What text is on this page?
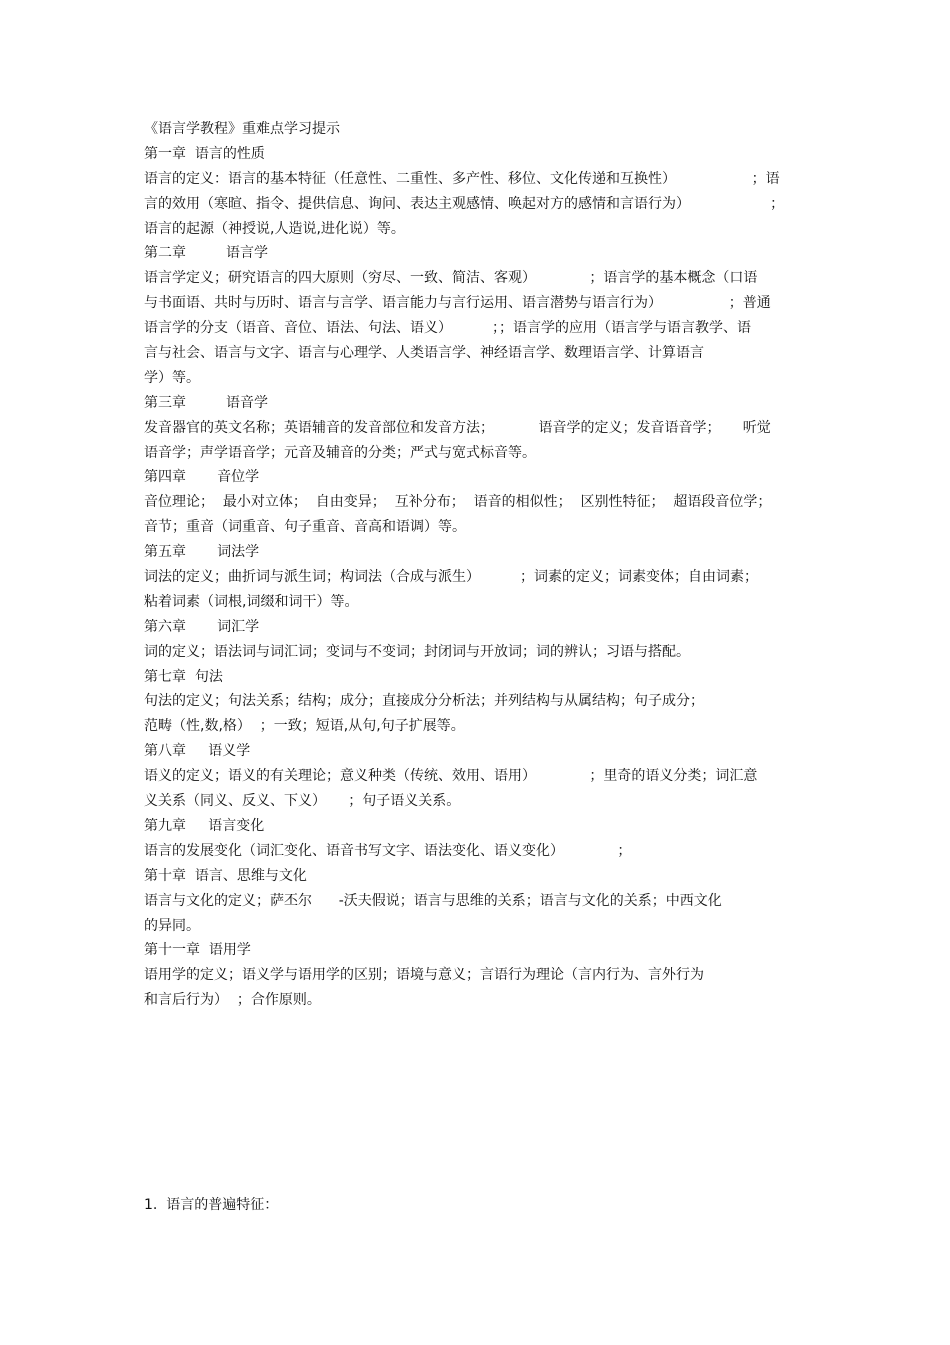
《语言学教程》重难点学习提示
第一章  语言的性质
语言的定义：语言的基本特征（任意性、二重性、多产性、移位、文化传递和互换性）                 ；语
言的效用（寒暄、指令、提供信息、询问、表达主观感情、唤起对方的感情和言语行为）                  ；
语言的起源（神授说,人造说,进化说）等。
第二章         语言学
语言学定义；研究语言的四大原则（穷尽、一致、简洁、客观）            ；语言学的基本概念（口语
与书面语、共时与历时、语言与言学、语言能力与言行运用、语言潜势与语言行为）               ；普通
语言学的分支（语音、音位、语法、句法、语义）         ；；语言学的应用（语言学与语言教学、语
言与社会、语言与文字、语言与心理学、人类语言学、神经语言学、数理语言学、计算语言
学）等。
第三章         语音学
发音器官的英文名称；英语辅音的发音部位和发音方法；          语音学的定义；发音语音学；     听觉
语音学；声学语音学；元音及辅音的分类；严式与宽式标音等。
第四章       音位学
音位理论；  最小对立体；  自由变异；  互补分布；  语音的相似性；  区别性特征；  超语段音位学；
音节；重音（词重音、句子重音、音高和语调）等。
第五章       词法学
词法的定义；曲折词与派生词；构词法（合成与派生）         ；词素的定义；词素变体；自由词素；
粘着词素（词根,词缀和词干）等。
第六章       词汇学
词的定义；语法词与词汇词；变词与不变词；封闭词与开放词；词的辨认；习语与搭配。
第七章  句法
句法的定义；句法关系；结构；成分；直接成分分析法；并列结构与从属结构；句子成分；
范畴（性,数,格）  ；一致；短语,从句,句子扩展等。
第八章     语义学
语义的定义；语义的有关理论；意义种类（传统、效用、语用）            ；里奇的语义分类；词汇意
义关系（同义、反义、下义）     ；句子语义关系。
第九章     语言变化
语言的发展变化（词汇变化、语音书写文字、语法变化、语义变化）            ；
第十章  语言、思维与文化
语言与文化的定义；萨丕尔      -沃夫假说；语言与思维的关系；语言与文化的关系；中西文化
的异同。
第十一章  语用学
语用学的定义；语义学与语用学的区别；语境与意义；言语行为理论（言内行为、言外行为
和言后行为）  ；合作原则。
1.  语言的普遍特征：
